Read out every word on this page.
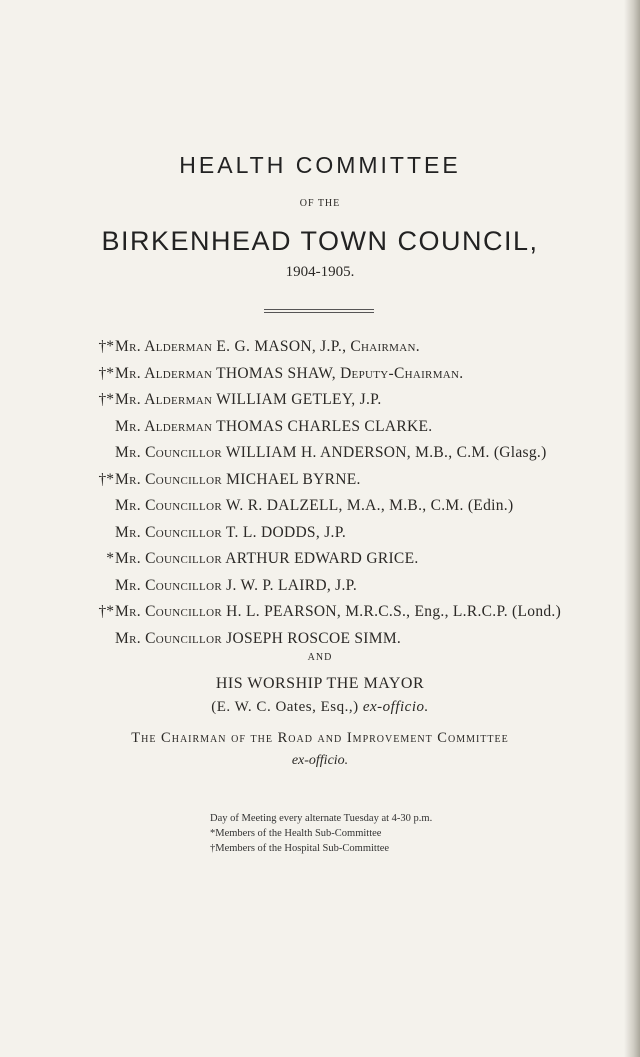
HEALTH COMMITTEE
OF THE
BIRKENHEAD TOWN COUNCIL,
1904-1905.
†* Mr. Alderman E. G. MASON, J.P., Chairman.
†* Mr. Alderman THOMAS SHAW, Deputy-Chairman.
†* Mr. Alderman WILLIAM GETLEY, J.P.
Mr. Alderman THOMAS CHARLES CLARKE.
Mr. Councillor WILLIAM H. ANDERSON, M.B., C.M. (Glasg.)
†* Mr. Councillor MICHAEL BYRNE.
Mr. Councillor W. R. DALZELL, M.A., M.B., C.M. (Edin.)
Mr. Councillor T. L. DODDS, J.P.
* Mr. Councillor ARTHUR EDWARD GRICE.
Mr. Councillor J. W. P. LAIRD, J.P.
†* Mr. Councillor H. L. PEARSON, M.R.C.S., Eng., L.R.C.P. (Lond.)
Mr. Councillor JOSEPH ROSCOE SIMM.
AND
HIS WORSHIP THE MAYOR
(E. W. C. Oates, Esq.,) ex-officio.
The Chairman of the Road and Improvement Committee
ex-officio.
Day of Meeting every alternate Tuesday at 4-30 p.m.
*Members of the Health Sub-Committee
†Members of the Hospital Sub-Committee
